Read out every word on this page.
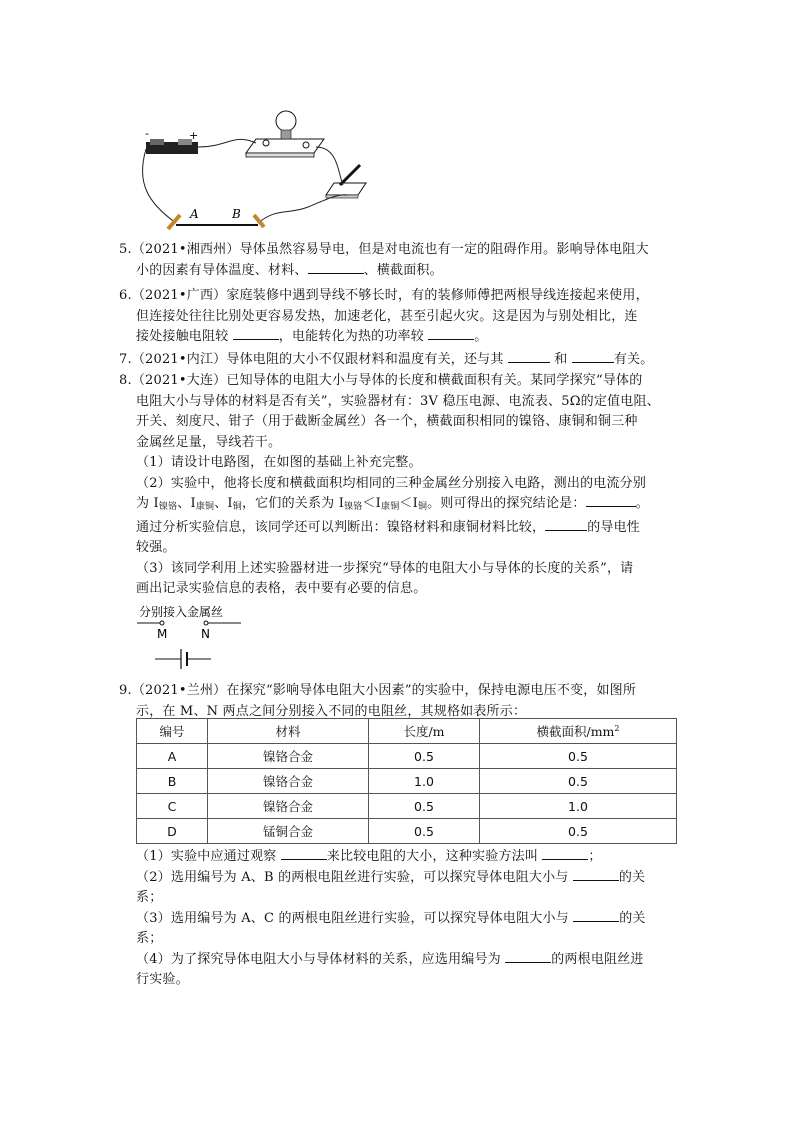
-	+
A	B

5.（2021•湘西州）导体虽然容易导电，但是对电流也有一定的阻碍作用。影响导体电阻大

小的因素有导体温度、材料、	、横截面积。

6.（2021•广西）家庭装修中遇到导线不够长时，有的装修师傅把两根导线连接起来使用，

但连接处往往比别处更容易发热，加速老化，甚至引起火灾。这是因为与别处相比，连

接处接触电阻较	，电能转化为热的功率较	。

7.（2021•内江）导体电阻的大小不仅跟材料和温度有关，还与其	和	有关。

8.（2021•大连）已知导体的电阻大小与导体的长度和横截面积有关。某同学探究“导体的

电阻大小与导体的材料是否有关”，实验器材有：3V 稳压电源、电流表、5Ω的定值电阻、

开关、刻度尺、钳子（用于截断金属丝）各一个，横截面积相同的镍铬、康铜和铜三种

金属丝足量，导线若干。

（1）请设计电路图，在如图的基础上补充完整。

（2）实验中，他将长度和横截面积均相同的三种金属丝分别接入电路，测出的电流分别

为 $I_{镍铬}$、$I_{康铜}$、$I_铜$，它们的关系为 $I_{镍铬}<I_{康铜}<I_铜$。则可得出的探究结论是：	。

通过分析实验信息，该同学还可以判断出：镍铬材料和康铜材料比较，	的导电性

较强。

（3）该同学利用上述实验器材进一步探究“导体的电阻大小与导体的长度的关系”，请

画出记录实验信息的表格，表中要有必要的信息。

分别接入金属丝
M	N

9.（2021•兰州）在探究“影响导体电阻大小因素”的实验中，保持电源电压不变，如图所

示，在 M、N 两点之间分别接入不同的电阻丝，其规格如表所示：

编号	材料	长度/m	横截面积$/mm^2$
A	镍铬合金	0.5	0.5
B	镍铬合金	1.0	0.5
C	镍铬合金	0.5	1.0
D	锰铜合金	0.5	0.5

（1）实验中应通过观察	来比较电阻的大小，这种实验方法叫	；

（2）选用编号为 A、B 的两根电阻丝进行实验，可以探究导体电阻大小与	的关

系；

（3）选用编号为 A、C 的两根电阻丝进行实验，可以探究导体电阻大小与	的关

系；

（4）为了探究导体电阻大小与导体材料的关系，应选用编号为	的两根电阻丝进

行实验。
